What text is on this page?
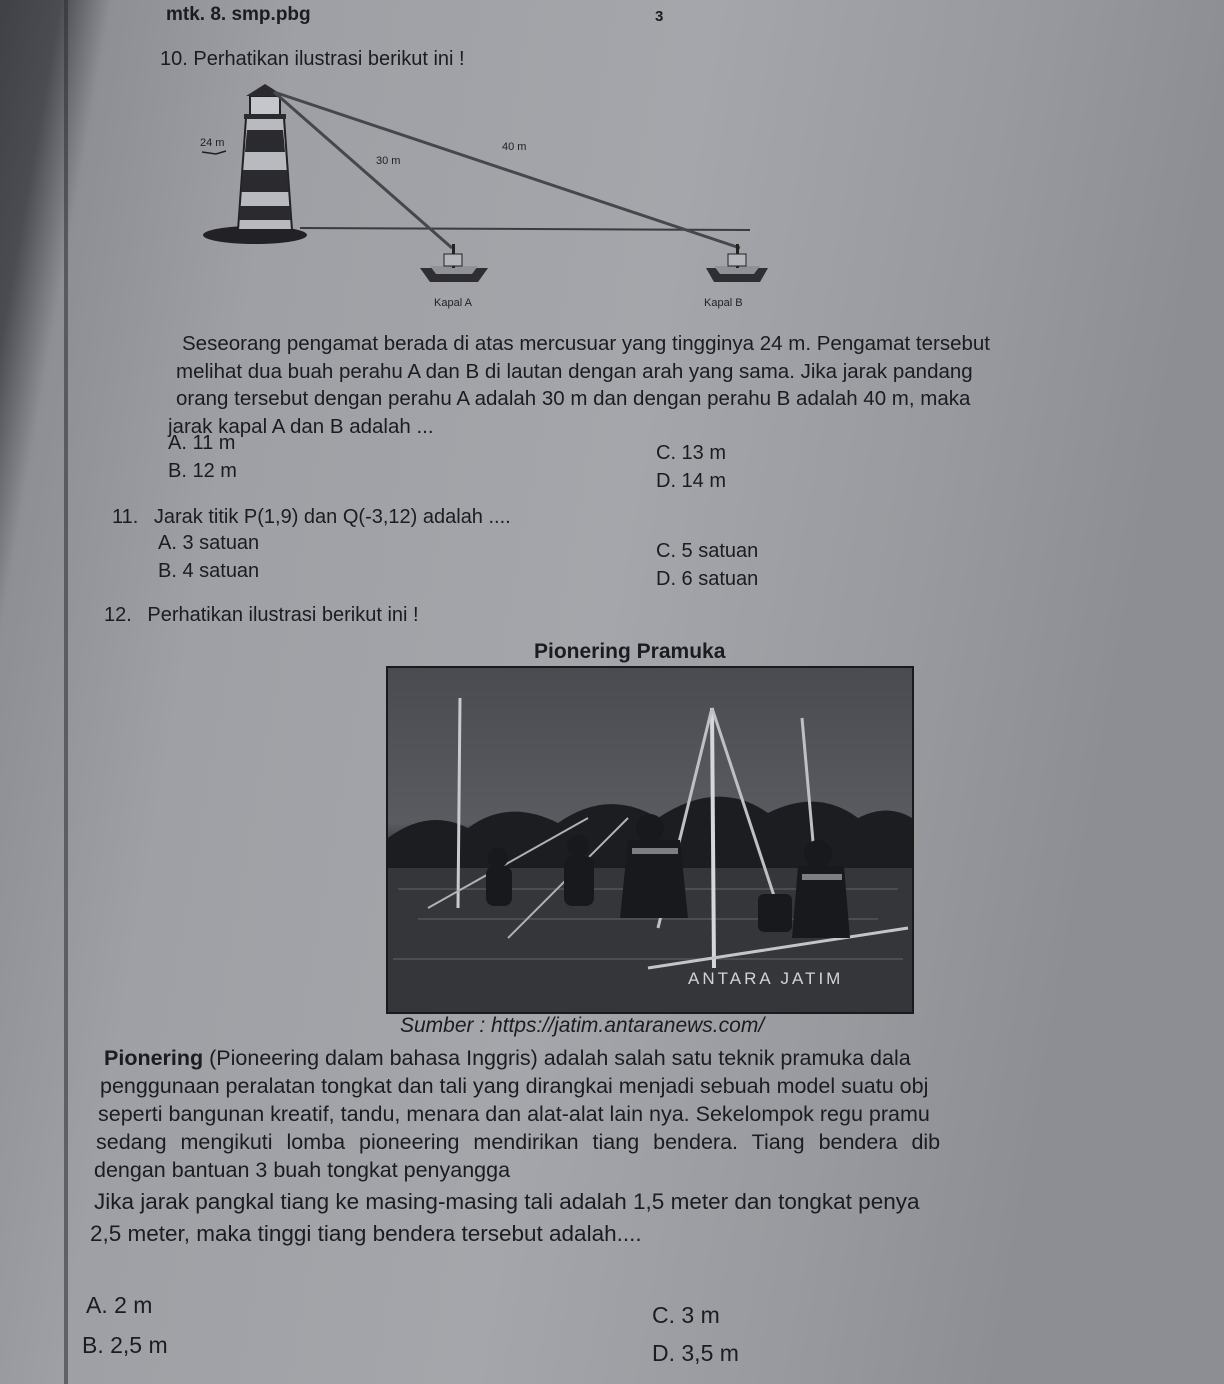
mtk. 8. smp.pbg	3
10. Perhatikan ilustrasi berikut ini !
24 m
30 m
40 m
Kapal A	Kapal B
Seseorang pengamat berada di atas mercusuar yang tingginya 24 m. Pengamat tersebut
melihat dua buah perahu A dan B di lautan dengan arah yang sama. Jika jarak pandang
orang tersebut dengan perahu A adalah 30 m dan dengan perahu B adalah 40 m, maka
jarak kapal A dan B adalah ...
A. 11 m
B. 12 m
C. 13 m
D. 14 m
11. Jarak titik P(1,9) dan Q(-3,12) adalah ....
A. 3 satuan
B. 4 satuan
C. 5 satuan
D. 6 satuan
12. Perhatikan ilustrasi berikut ini !
Pionering Pramuka
ANTARA JATIM
Sumber : https://jatim.antaranews.com/
Pionering (Pioneering dalam bahasa Inggris) adalah salah satu teknik pramuka dala
penggunaan peralatan tongkat dan tali yang dirangkai menjadi sebuah model suatu obj
seperti bangunan kreatif, tandu, menara dan alat-alat lain nya. Sekelompok regu pramu
sedang mengikuti lomba pioneering mendirikan tiang bendera. Tiang bendera dib
dengan bantuan 3 buah tongkat penyangga
Jika jarak pangkal tiang ke masing-masing tali adalah 1,5 meter dan tongkat penya
2,5 meter, maka tinggi tiang bendera tersebut adalah....
A. 2 m
B. 2,5 m
C. 3 m
D. 3,5 m
